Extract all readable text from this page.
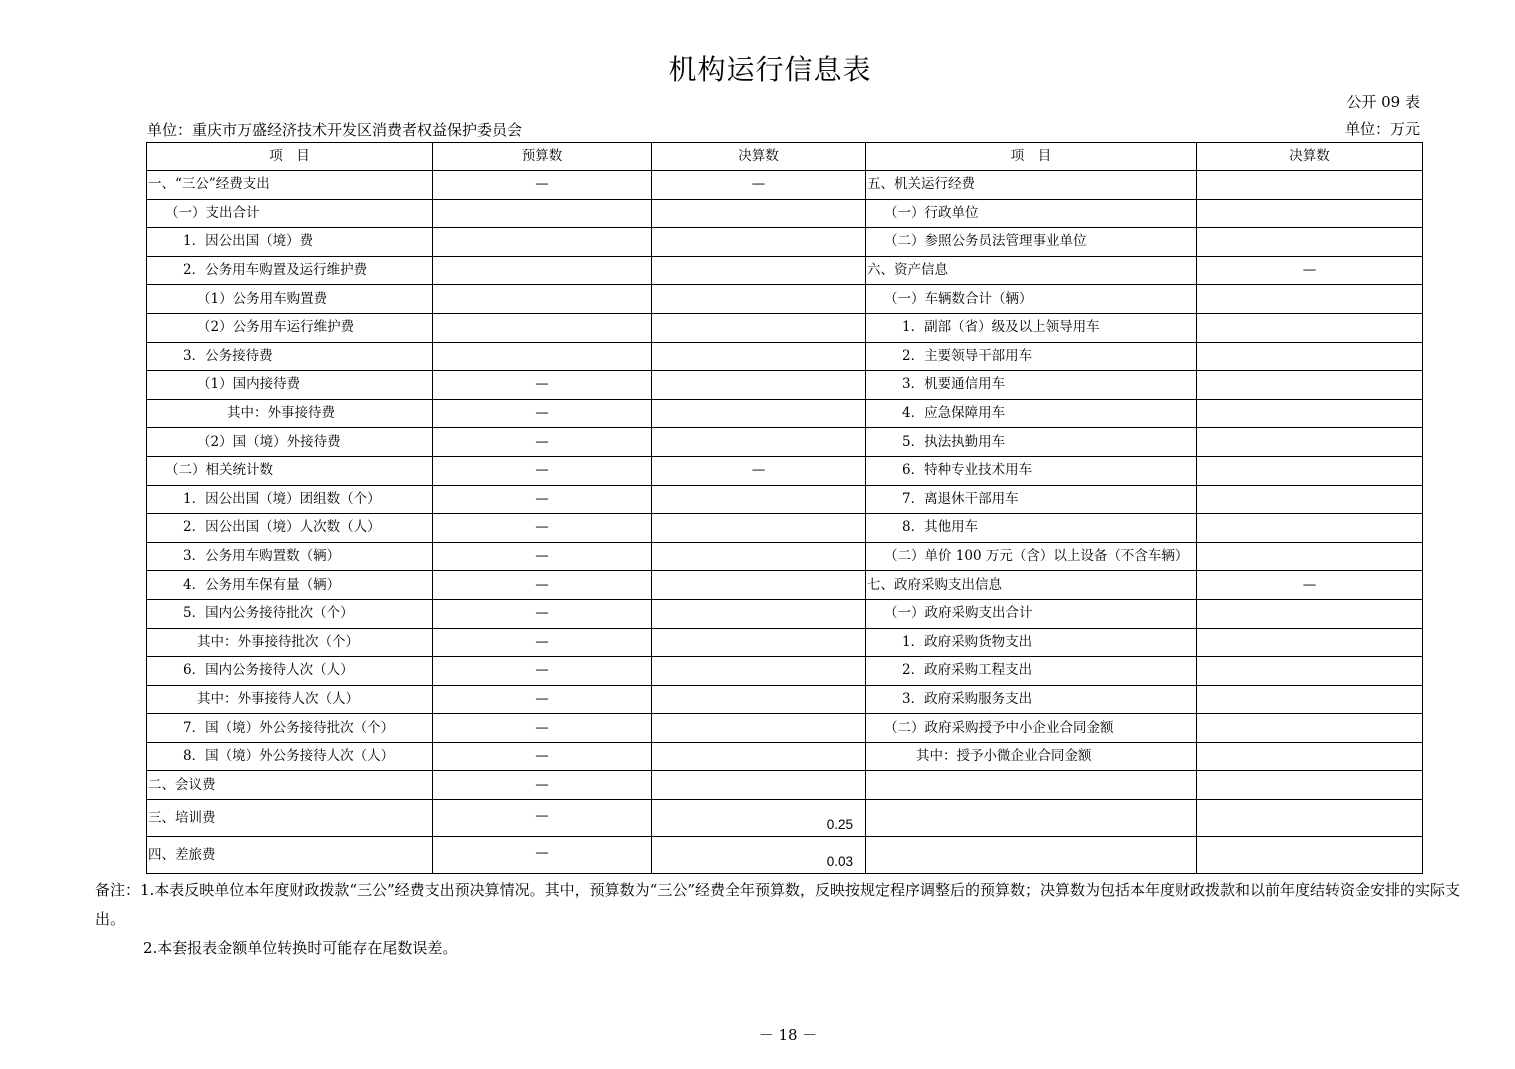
机构运行信息表
公开 09 表
单位：重庆市万盛经济技术开发区消费者权益保护委员会	单位：万元
项　目	预算数	决算数	项　目	决算数
一、“三公”经费支出	—	—	五、机关运行经费	
（一）支出合计			（一）行政单位	
1．因公出国（境）费			（二）参照公务员法管理事业单位	
2．公务用车购置及运行维护费			六、资产信息	—
（1）公务用车购置费			（一）车辆数合计（辆）	
（2）公务用车运行维护费			1．副部（省）级及以上领导用车	
3．公务接待费			2．主要领导干部用车	
（1）国内接待费	—		3．机要通信用车	
其中：外事接待费	—		4．应急保障用车	
（2）国（境）外接待费	—		5．执法执勤用车	
（二）相关统计数	—	—	6．特种专业技术用车	
1．因公出国（境）团组数（个）	—		7．离退休干部用车	
2．因公出国（境）人次数（人）	—		8．其他用车	
3．公务用车购置数（辆）	—		（二）单价 100 万元（含）以上设备（不含车辆）	
4．公务用车保有量（辆）	—		七、政府采购支出信息	—
5．国内公务接待批次（个）	—		（一）政府采购支出合计	
其中：外事接待批次（个）	—		1．政府采购货物支出	
6．国内公务接待人次（人）	—		2．政府采购工程支出	
其中：外事接待人次（人）	—		3．政府采购服务支出	
7．国（境）外公务接待批次（个）	—		（二）政府采购授予中小企业合同金额	
8．国（境）外公务接待人次（人）	—		其中：授予小微企业合同金额	
二、会议费	—			
三、培训费	—	0.25		
四、差旅费	—	0.03		

备注：1.本表反映单位本年度财政拨款“三公”经费支出预决算情况。其中，预算数为“三公”经费全年预算数，反映按规定程序调整后的预算数；决算数为包括本年度财政拨款和以前年度结转资金安排的实际支出。

2.本套报表金额单位转换时可能存在尾数误差。

－ 18 －
